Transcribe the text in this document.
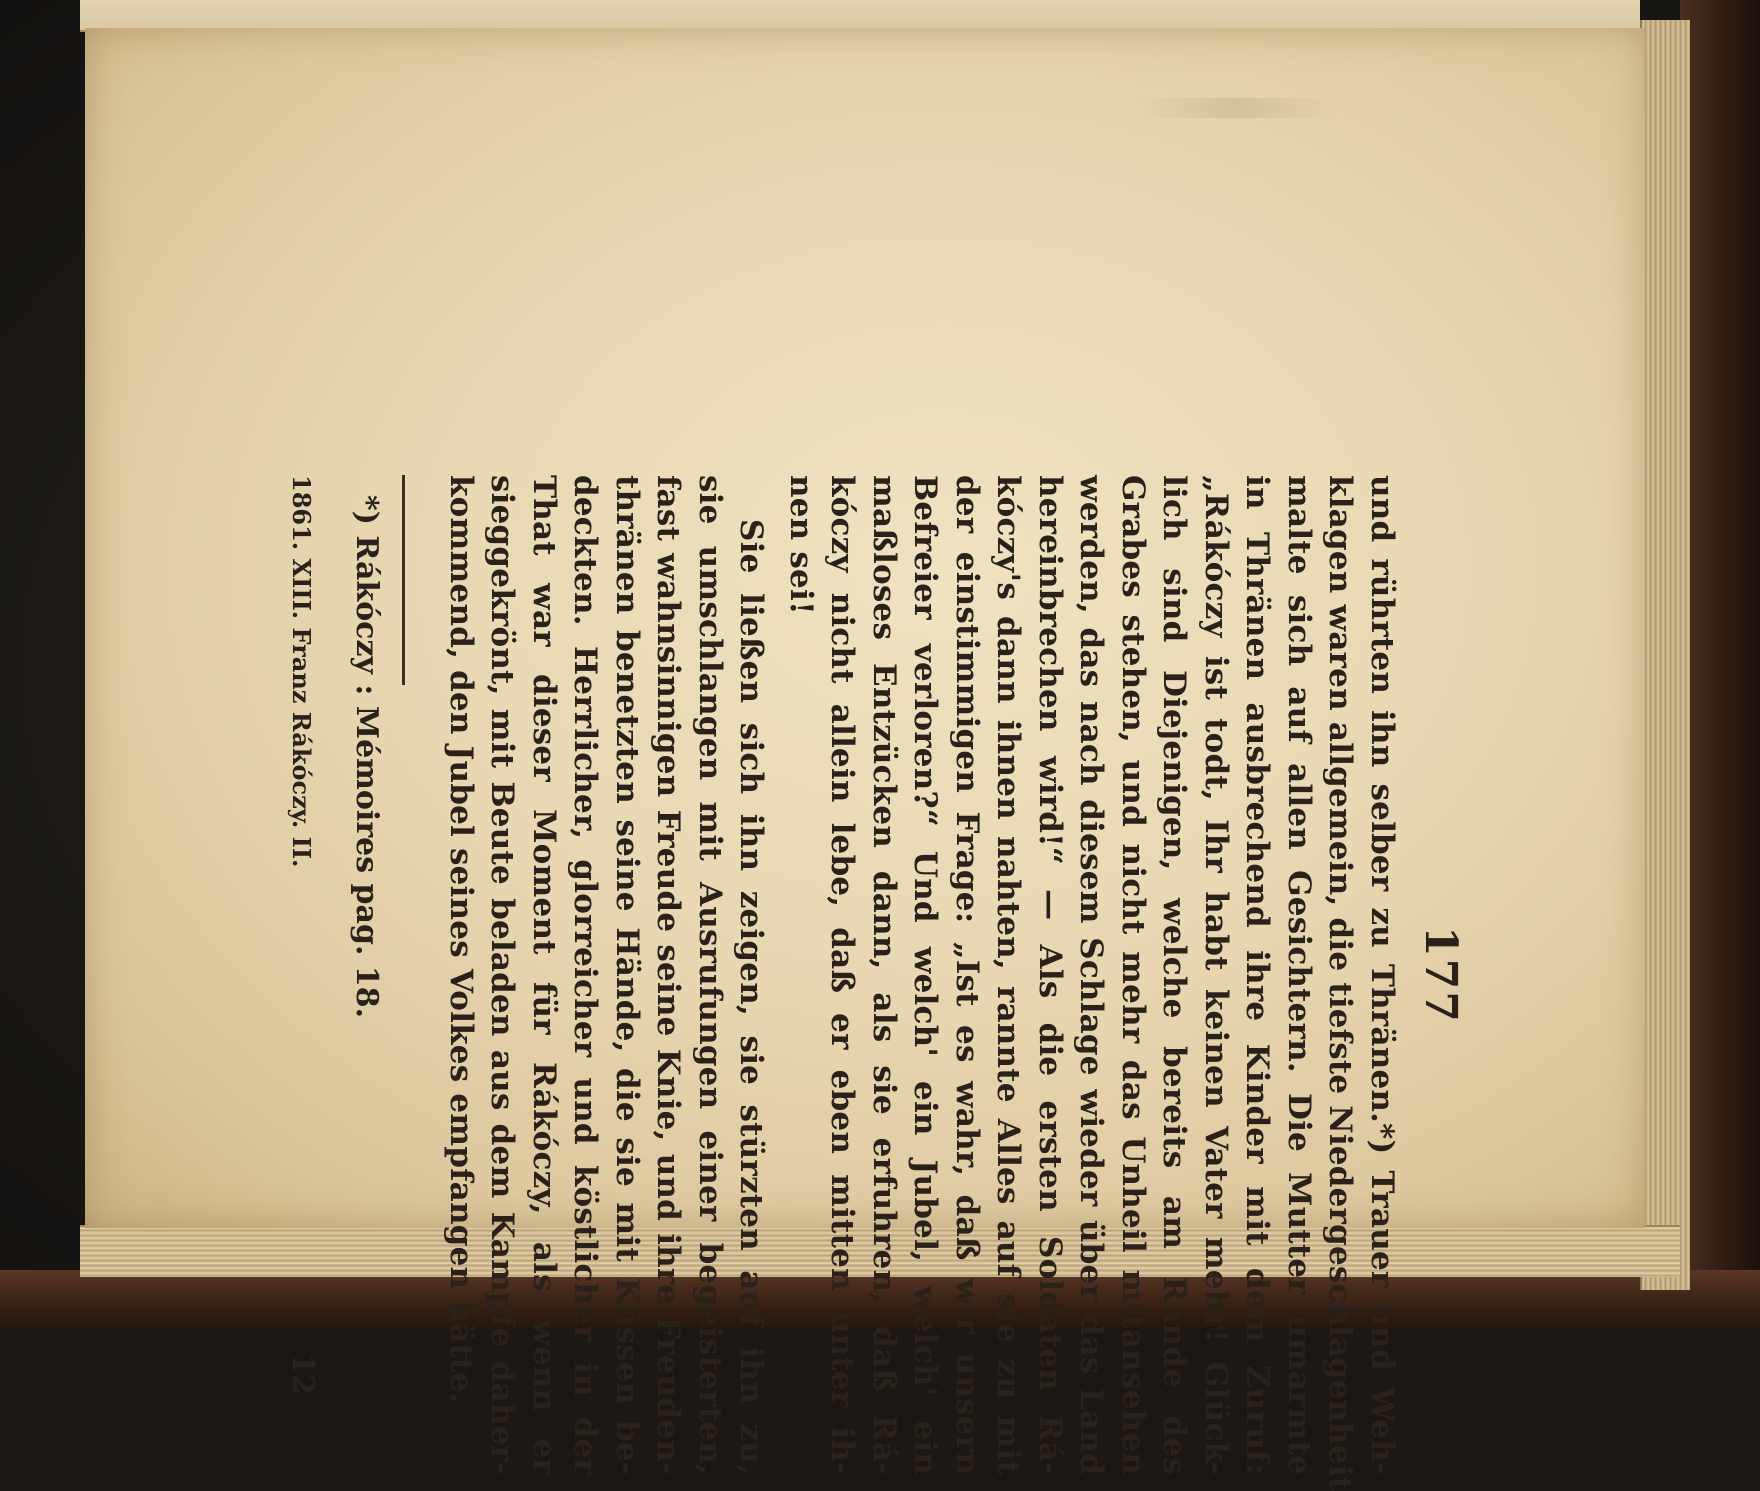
177
und rührten ihn selber zu Thränen.*) Trauer und Weh-
klagen waren allgemein, die tiefste Niedergeschlagenheit
malte sich auf allen Gesichtern. Die Mutter umarmte
in Thränen ausbrechend ihre Kinder mit dem Zuruf:
„Rákóczy ist todt, Ihr habt keinen Vater mehr! Glück-
lich sind Diejenigen, welche bereits am Rande des
Grabes stehen, und nicht mehr das Unheil mitansehen
werden, das nach diesem Schlage wieder über das Land
hereinbrechen wird!“ — Als die ersten Soldaten Rá-
kóczy's dann ihnen nahten, rannte Alles auf sie zu mit
der einstimmigen Frage: „Ist es wahr, daß wir unsern
Befreier verloren?“ Und welch' ein Jubel, welch' ein
maßloses Entzücken dann, als sie erfuhren, daß Rá-
kóczy nicht allein lebe, daß er eben mitten unter ih-
nen sei!
Sie ließen sich ihn zeigen, sie stürzten auf ihn zu,
sie umschlangen mit Ausrufungen einer begeisterten,
fast wahnsinnigen Freude seine Knie, und ihre Freuden-
thränen benetzten seine Hände, die sie mit Küssen be-
deckten. Herrlicher, glorreicher und köstlicher in der
That war dieser Moment für Rákóczy, als wenn er
sieggekrönt, mit Beute beladen aus dem Kampfe daher-
kommend, den Jubel seines Volkes empfangen hätte.
*) Rákóczy : Mémoires pag. 18.
1861. XIII. Franz Rákóczy. II.
12
